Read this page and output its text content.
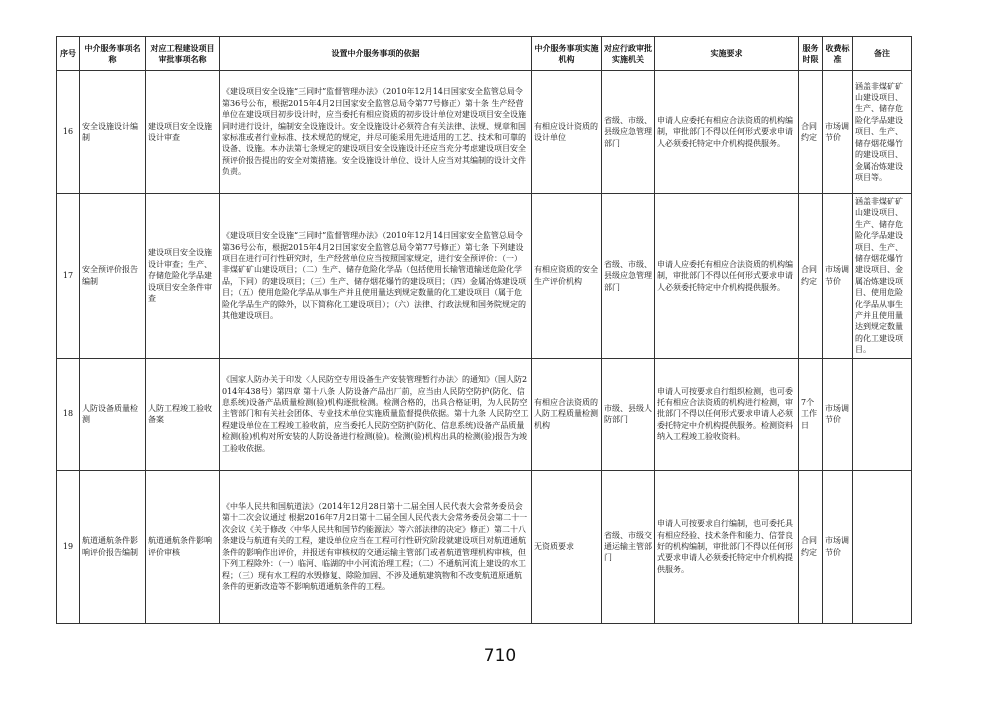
序号	中介服务事项名称	对应工程建设项目审批事项名称	设置中介服务事项的依据	中介服务事项实施机构	对应行政审批实施机关	实施要求	服务时限	收费标准	备注
16	安全设施设计编制	建设项目安全设施设计审查	《建设项目安全设施“三同时”监督管理办法》（2010年12月14日国家安全监管总局令第36号公布，根据2015年4月2日国家安全监管总局令第77号修正）第十条 生产经营单位在建设项目初步设计时，应当委托有相应资质的初步设计单位对建设项目安全设施同时进行设计，编制安全设施设计。安全设施设计必须符合有关法律、法规、规章和国家标准或者行业标准、技术规范的规定，并尽可能采用先进适用的工艺、技术和可靠的设备、设施。本办法第七条规定的建设项目安全设施设计还应当充分考虑建设项目安全预评价报告提出的安全对策措施。安全设施设计单位、设计人应当对其编制的设计文件负责。	有相应设计资质的设计单位	省级、市级、县级应急管理部门	申请人应委托有相应合法资质的机构编制，审批部门不得以任何形式要求申请人必须委托特定中介机构提供服务。	合同约定	市场调节价	涵盖非煤矿矿山建设项目、生产、储存危险化学品建设项目、生产、储存烟花爆竹的建设项目、金属冶炼建设项目等。
17	安全预评价报告编制	建设项目安全设施设计审查；生产、存储危险化学品建设项目安全条件审查	《建设项目安全设施“三同时”监督管理办法》（2010年12月14日国家安全监管总局令第36号公布，根据2015年4月2日国家安全监管总局令第77号修正）第七条 下列建设项目在进行可行性研究时，生产经营单位应当按照国家规定，进行安全预评价：（一）非煤矿矿山建设项目；（二）生产、储存危险化学品（包括使用长输管道输送危险化学品，下同）的建设项目；（三）生产、储存烟花爆竹的建设项目；（四）金属冶炼建设项目；（五）使用危险化学品从事生产并且使用量达到规定数量的化工建设项目（属于危险化学品生产的除外，以下简称化工建设项目）；（六）法律、行政法规和国务院规定的其他建设项目。	有相应资质的安全生产评价机构	省级、市级、县级应急管理部门	申请人应委托有相应合法资质的机构编制，审批部门不得以任何形式要求申请人必须委托特定中介机构提供服务。	合同约定	市场调节价	涵盖非煤矿矿山建设项目、生产、储存危险化学品建设项目、生产、储存烟花爆竹建设项目、金属冶炼建设项目、使用危险化学品从事生产并且使用量达到规定数量的化工建设项目。
18	人防设备质量检测	人防工程竣工验收备案	《国家人防办关于印发〈人民防空专用设备生产安装管理暂行办法〉的通知》（国人防2014年438号）第四章 第十八条 人防设备产品出厂前，应当由人民防空防护(防化、信息系统)设备产品质量检测(验)机构逐批检测。检测合格的，出具合格证明，为人民防空主管部门和有关社会团体、专业技术单位实施质量监督提供依据。第十九条 人民防空工程建设单位在工程竣工验收前，应当委托人民防空防护(防化、信息系统)设备产品质量检测(验)机构对所安装的人防设备进行检测(验)。检测(验)机构出具的检测(验)报告为竣工验收依据。	有相应合法资质的人防工程质量检测机构	市级、县级人防部门	申请人可按要求自行组织检测，也可委托有相应合法资质的机构进行检测，审批部门不得以任何形式要求申请人必须委托特定中介机构提供服务。检测资料纳入工程竣工验收资料。	7个工作日	市场调节价	
19	航道通航条件影响评价报告编制	航道通航条件影响评价审核	《中华人民共和国航道法》（2014年12月28日第十二届全国人民代表大会常务委员会第十二次会议通过 根据2016年7月2日第十二届全国人民代表大会常务委员会第二十一次会议《关于修改〈中华人民共和国节约能源法〉等六部法律的决定》修正）第二十八条建设与航道有关的工程，建设单位应当在工程可行性研究阶段就建设项目对航道通航条件的影响作出评价，并报送有审核权的交通运输主管部门或者航道管理机构审核，但下列工程除外：（一）临河、临湖的中小河流治理工程；（二）不通航河流上建设的水工程；（三）现有水工程的水毁修复、除险加固、不涉及通航建筑物和不改变航道原通航条件的更新改造等不影响航道通航条件的工程。	无资质要求	省级、市级交通运输主管部门	申请人可按要求自行编制，也可委托具有相应经验、技术条件和能力、信誉良好的机构编制，审批部门不得以任何形式要求申请人必须委托特定中介机构提供服务。	合同约定	市场调节价	
710
